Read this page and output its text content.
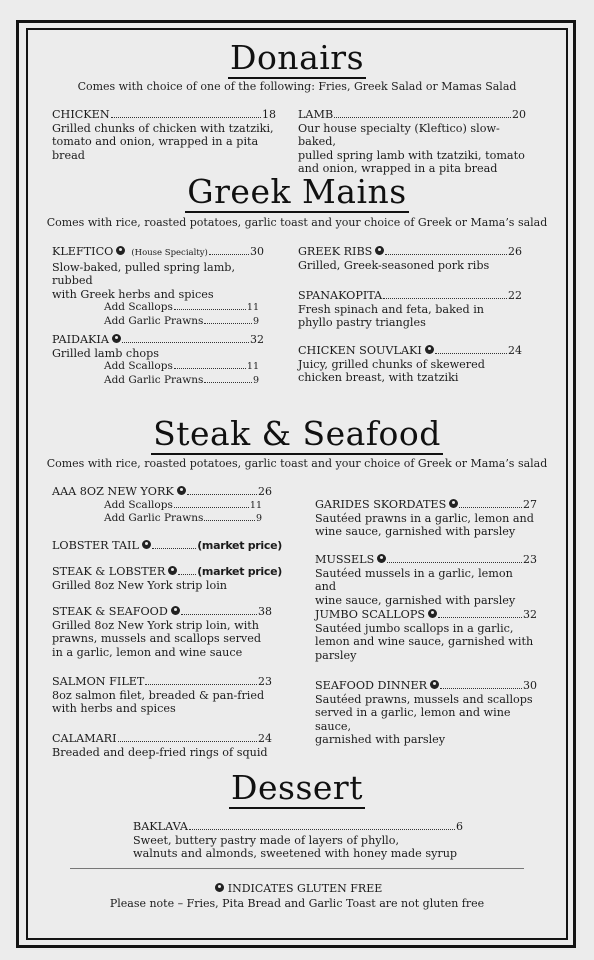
Donairs
Comes with choice of one of the following: Fries, Greek Salad or Mamas Salad
CHICKEN	18
Grilled chunks of chicken with tzatziki,
tomato and onion, wrapped in a pita bread
LAMB	20
Our house specialty (Kleftico) slow-baked,
pulled spring lamb with tzatziki, tomato
and onion, wrapped in a pita bread
Greek Mains
Comes with rice, roasted potatoes, garlic toast and your choice of Greek or Mama’s salad
KLEFTICO (House Specialty)	30
Slow-baked, pulled spring lamb, rubbed
with Greek herbs and spices
Add Scallops	11
Add Garlic Prawns	9
PAIDAKIA	32
Grilled lamb chops
Add Scallops	11
Add Garlic Prawns	9
GREEK RIBS	26
Grilled, Greek-seasoned pork ribs
SPANAKOPITA	22
Fresh spinach and feta, baked in
phyllo pastry triangles
CHICKEN SOUVLAKI	24
Juicy, grilled chunks of skewered
chicken breast, with tzatziki
Steak & Seafood
Comes with rice, roasted potatoes, garlic toast and your choice of Greek or Mama’s salad
AAA 8OZ NEW YORK	26
Add Scallops	11
Add Garlic Prawns	9
LOBSTER TAIL	(market price)
STEAK & LOBSTER	(market price)
Grilled 8oz New York strip loin
STEAK & SEAFOOD	38
Grilled 8oz New York strip loin, with
prawns, mussels and scallops served
in a garlic, lemon and wine sauce
SALMON FILET	23
8oz salmon filet, breaded & pan-fried
with herbs and spices
CALAMARI	24
Breaded and deep-fried rings of squid
GARIDES SKORDATES	27
Sautéed prawns in a garlic, lemon and
wine sauce, garnished with parsley
MUSSELS	23
Sautéed mussels in a garlic, lemon and
wine sauce, garnished with parsley
JUMBO SCALLOPS	32
Sautéed jumbo scallops in a garlic,
lemon and wine sauce, garnished with
parsley
SEAFOOD DINNER	30
Sautéed prawns, mussels and scallops
served in a garlic, lemon and wine sauce,
garnished with parsley
Dessert
BAKLAVA	6
Sweet, buttery pastry made of layers of phyllo,
walnuts and almonds, sweetened with honey made syrup
INDICATES GLUTEN FREE
Please note – Fries, Pita Bread and Garlic Toast are not gluten free
